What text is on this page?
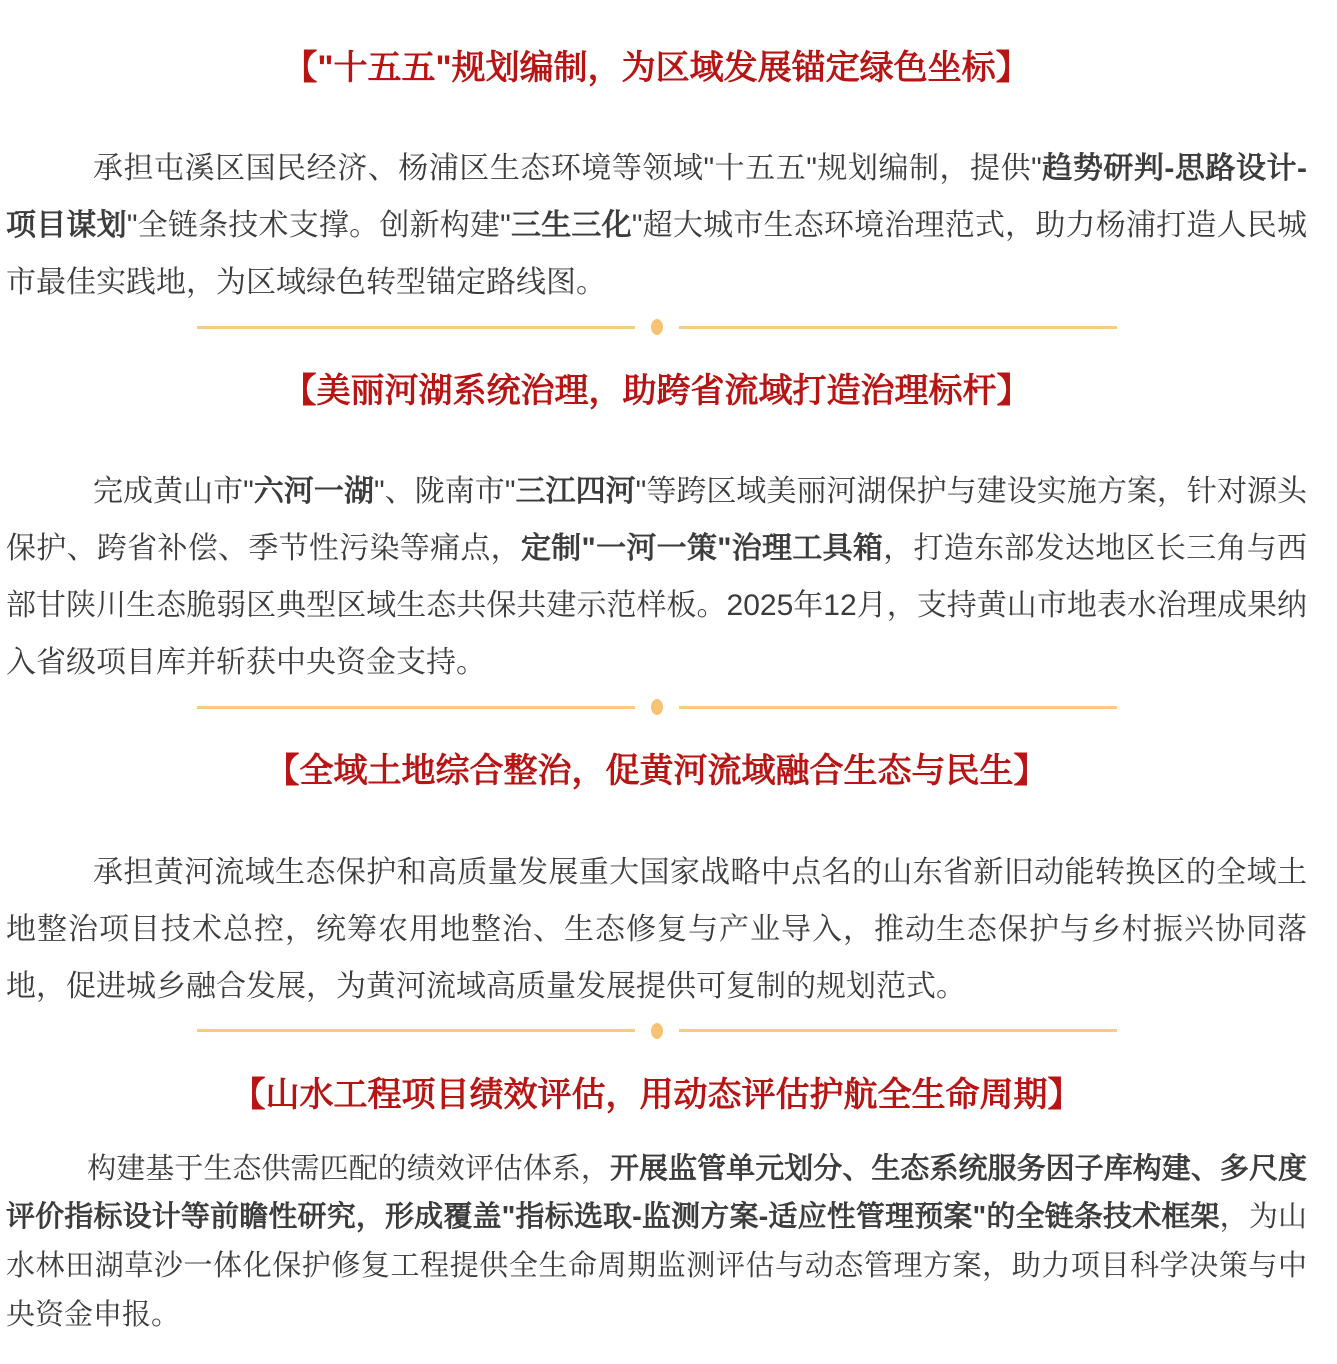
【"十五五"规划编制，为区域发展锚定绿色坐标】

承担屯溪区国民经济、杨浦区生态环境等领域"十五五"规划编制，提供"趋势研判-思路设计-项目谋划"全链条技术支撑。创新构建"三生三化"超大城市生态环境治理范式，助力杨浦打造人民城市最佳实践地，为区域绿色转型锚定路线图。

【美丽河湖系统治理，助跨省流域打造治理标杆】

完成黄山市"六河一湖"、陇南市"三江四河"等跨区域美丽河湖保护与建设实施方案，针对源头保护、跨省补偿、季节性污染等痛点，定制"一河一策"治理工具箱，打造东部发达地区长三角与西部甘陕川生态脆弱区典型区域生态共保共建示范样板。2025年12月，支持黄山市地表水治理成果纳入省级项目库并斩获中央资金支持。

【全域土地综合整治，促黄河流域融合生态与民生】

承担黄河流域生态保护和高质量发展重大国家战略中点名的山东省新旧动能转换区的全域土地整治项目技术总控，统筹农用地整治、生态修复与产业导入，推动生态保护与乡村振兴协同落地，促进城乡融合发展，为黄河流域高质量发展提供可复制的规划范式。

【山水工程项目绩效评估，用动态评估护航全生命周期】

构建基于生态供需匹配的绩效评估体系，开展监管单元划分、生态系统服务因子库构建、多尺度评价指标设计等前瞻性研究，形成覆盖"指标选取-监测方案-适应性管理预案"的全链条技术框架，为山水林田湖草沙一体化保护修复工程提供全生命周期监测评估与动态管理方案，助力项目科学决策与中央资金申报。
